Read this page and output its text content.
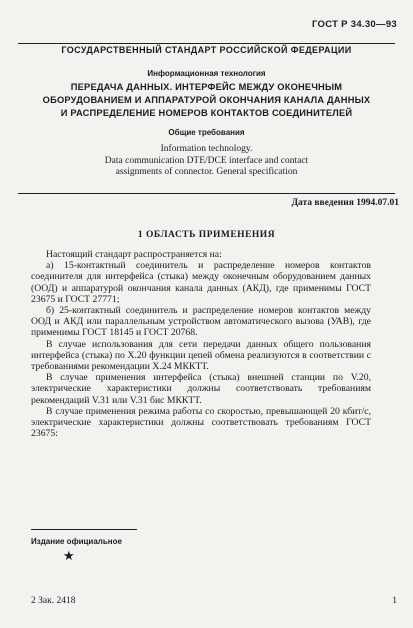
ГОСТ Р 34.30—93
ГОСУДАРСТВЕННЫЙ СТАНДАРТ РОССИЙСКОЙ ФЕДЕРАЦИИ
Информационная технология
ПЕРЕДАЧА ДАННЫХ. ИНТЕРФЕЙС МЕЖДУ ОКОНЕЧНЫМ
ОБОРУДОВАНИЕМ И АППАРАТУРОЙ ОКОНЧАНИЯ КАНАЛА ДАННЫХ
И РАСПРЕДЕЛЕНИЕ НОМЕРОВ КОНТАКТОВ СОЕДИНИТЕЛЕЙ
Общие требования
Information technology.
Data communication DTE/DCE interface and contact
assignments of connector. General specification
Дата введения 1994.07.01
1 ОБЛАСТЬ ПРИМЕНЕНИЯ

Настоящий стандарт распространяется на:

а) 15-контактный соединитель и распределение номеров контактов соединителя для интерфейса (стыка) между оконечным оборудованием данных (ООД) и аппаратурой окончания канала данных (АКД), где применимы ГОСТ 23675 и ГОСТ 27771;

б) 25-контактный соединитель и распределение номеров контактов между ООД и АКД или параллельным устройством автоматического вызова (УАВ), где применимы ГОСТ 18145 и ГОСТ 20768.

В случае использования для сети передачи данных общего пользования интерфейса (стыка) по X.20 функции цепей обмена реализуются в соответствии с требованиями рекомендации X.24 МККТТ.

В случае применения интерфейса (стыка) внешней станции по V.20, электрические характеристики должны соответствовать требованиям рекомендаций V.31 или V.31 бис МККТТ.

В случае применения режима работы со скоростью, превышающей 20 кбит/с, электрические характеристики должны соответствовать требованиям ГОСТ 23675:

Издание официальное
★
2 Зак. 2418	1
